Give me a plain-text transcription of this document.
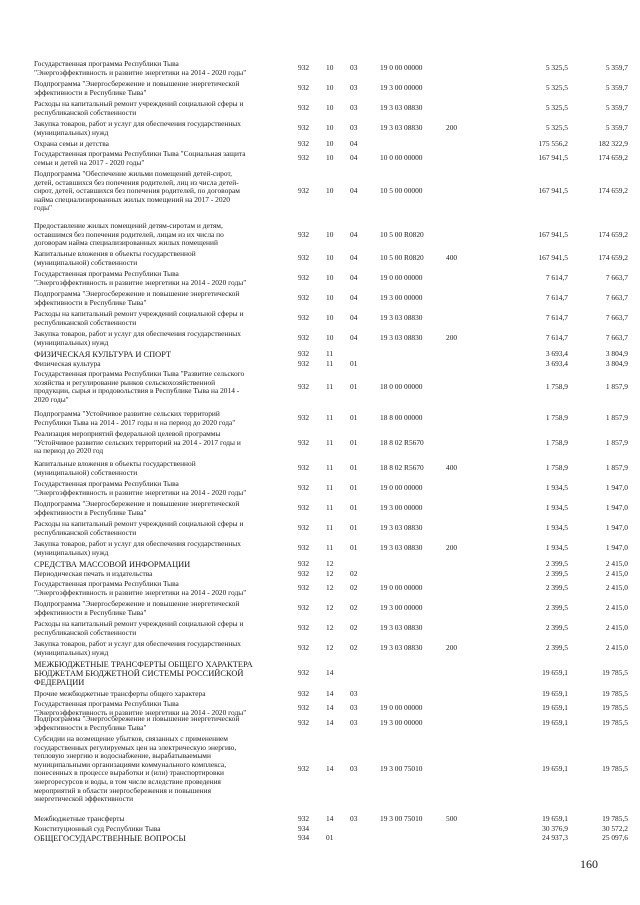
Государственная программа Республики Тыва
"Энергоэффективность и развитие энергетики на 2014 - 2020 годы"	932 10 03	19 0 00 00000	5 325,5	5 359,7
Подпрограмма "Энергосбережение и повышение энергетической
эффективности в Республике Тыва"	932 10 03	19 3 00 00000	5 325,5	5 359,7
Расходы на капитальный ремонт учреждений социальной сферы и
республиканской собственности	932 10 03	19 3 03 08830	5 325,5	5 359,7
Закупка товаров, работ и услуг для обеспечения государственных
(муниципальных) нужд	932 10 03	19 3 03 08830	200	5 325,5	5 359,7
Охрана семьи и детства	932 10 04	175 556,2	182 322,9
Государственная программа Республики Тыва "Социальная защита
семьи и детей на 2017 - 2020 годы"	932 10 04	10 0 00 00000	167 941,5	174 659,2
Подпрограмма "Обеспечение жильми помещений детей-сирот,
детей, оставшихся без попечения родителей, лиц из числа детей-
сирот, детей, оставшихся без попечения родителей, по договорам
найма специализированных жилых помещений на 2017 - 2020
годы"
932 10 04	10 5 00 00000	167 941,5	174 659,2
Предоставление жилых помещений детям-сиротам и детям,
оставшимся без попечения родителей, лицам из их числа по
договорам найма специализированных жилых помещений
932 10 04	10 5 00 R0820	167 941,5	174 659,2
Капитальные вложения в объекты государственной
(муниципальной) собственности	932 10 04	10 5 00 R0820	400	167 941,5	174 659,2
Государственная программа Республики Тыва
"Энергоэффективность и развитие энергетики на 2014 - 2020 годы"	932 10 04	19 0 00 00000	7 614,7	7 663,7
Подпрограмма "Энергосбережение и повышение энергетической
эффективности в Республике Тыва"	932 10 04	19 3 00 00000	7 614,7	7 663,7
Расходы на капитальный ремонт учреждений социальной сферы и
республиканской собственности	932 10 04	19 3 03 08830	7 614,7	7 663,7
Закупка товаров, работ и услуг для обеспечения государственных
(муниципальных) нужд	932 10 04	19 3 03 08830	200	7 614,7	7 663,7
ФИЗИЧЕСКАЯ КУЛЬТУРА И СПОРТ	932 11	3 693,4	3 804,9
Физическая культура	932 11 01	3 693,4	3 804,9
Государственная программа Республики Тыва "Развитие сельского
хозяйства и регулирование рынков сельскохозяйственной
продукции, сырья и продовольствия в Республике Тыва на 2014 -
2020 годы"
932 11 01	18 0 00 00000	1 758,9	1 857,9
Подпрограмма "Устойчивое развитие сельских территорий
Республики Тыва на 2014 - 2017 годы и на период до 2020 года"	932 11 01	18 8 00 00000	1 758,9	1 857,9
Реализация мероприятий федеральной целевой программы
"Устойчивое развитие сельских территорий на 2014 - 2017 годы и
на период до 2020 год
932 11 01	18 8 02 R5670	1 758,9	1 857,9
Капитальные вложения в объекты государственной
(муниципальной) собственности	932 11 01	18 8 02 R5670	400	1 758,9	1 857,9
Государственная программа Республики Тыва
"Энергоэффективность и развитие энергетики на 2014 - 2020 годы"	932 11 01	19 0 00 00000	1 934,5	1 947,0
Подпрограмма "Энергосбережение и повышение энергетической
эффективности в Республике Тыва"	932 11 01	19 3 00 00000	1 934,5	1 947,0
Расходы на капитальный ремонт учреждений социальной сферы и
республиканской собственности	932 11 01	19 3 03 08830	1 934,5	1 947,0
Закупка товаров, работ и услуг для обеспечения государственных
(муниципальных) нужд	932 11 01	19 3 03 08830	200	1 934,5	1 947,0
СРЕДСТВА МАССОВОЙ ИНФОРМАЦИИ	932 12	2 399,5	2 415,0
Периодическая печать и издательства	932 12 02	2 399,5	2 415,0
Государственная программа Республики Тыва
"Энергоэффективность и развитие энергетики на 2014 - 2020 годы"	932 12 02	19 0 00 00000	2 399,5	2 415,0
Подпрограмма "Энергосбережение и повышение энергетической
эффективности в Республике Тыва"	932 12 02	19 3 00 00000	2 399,5	2 415,0
Расходы на капитальный ремонт учреждений социальной сферы и
республиканской собственности	932 12 02	19 3 03 08830	2 399,5	2 415,0
Закупка товаров, работ и услуг для обеспечения государственных
(муниципальных) нужд	932 12 02	19 3 03 08830	200	2 399,5	2 415,0
МЕЖБЮДЖЕТНЫЕ ТРАНСФЕРТЫ ОБЩЕГО ХАРАКТЕРА
БЮДЖЕТАМ БЮДЖЕТНОЙ СИСТЕМЫ РОССИЙСКОЙ
ФЕДЕРАЦИИ
932 14	19 659,1	19 785,5
Прочие межбюджетные трансферты общего характера	932 14 03	19 659,1	19 785,5
Государственная программа Республики Тыва
"Энергоэффективность и развитие энергетики на 2014 - 2020 годы"	932 14 03	19 0 00 00000	19 659,1	19 785,5
Подпрограмма "Энергосбережение и повышение энергетической
эффективности в Республике Тыва"	932 14 03	19 3 00 00000	19 659,1	19 785,5
Субсидии на возмещение убытков, связанных с применением
государственных регулируемых цен на электрическую энергию,
тепловую энергию и водоснабжение, вырабатываемыми
муниципальными организациями коммунального комплекса,
понесенных в процессе выработки и (или) транспортировки
энергоресурсов и воды, в том числе вследствие проведения
мероприятий в области энергосбережения и повышения
энергетической эффективности
932 14 03	19 3 00 75010	19 659,1	19 785,5
Межбюджетные трансферты	932 14 03	19 3 00 75010	500	19 659,1	19 785,5
Конституционный суд Республики Тыва	934	30 376,9	30 572,2
ОБЩЕГОСУДАРСТВЕННЫЕ ВОПРОСЫ	934 01	24 937,3	25 097,6
160
